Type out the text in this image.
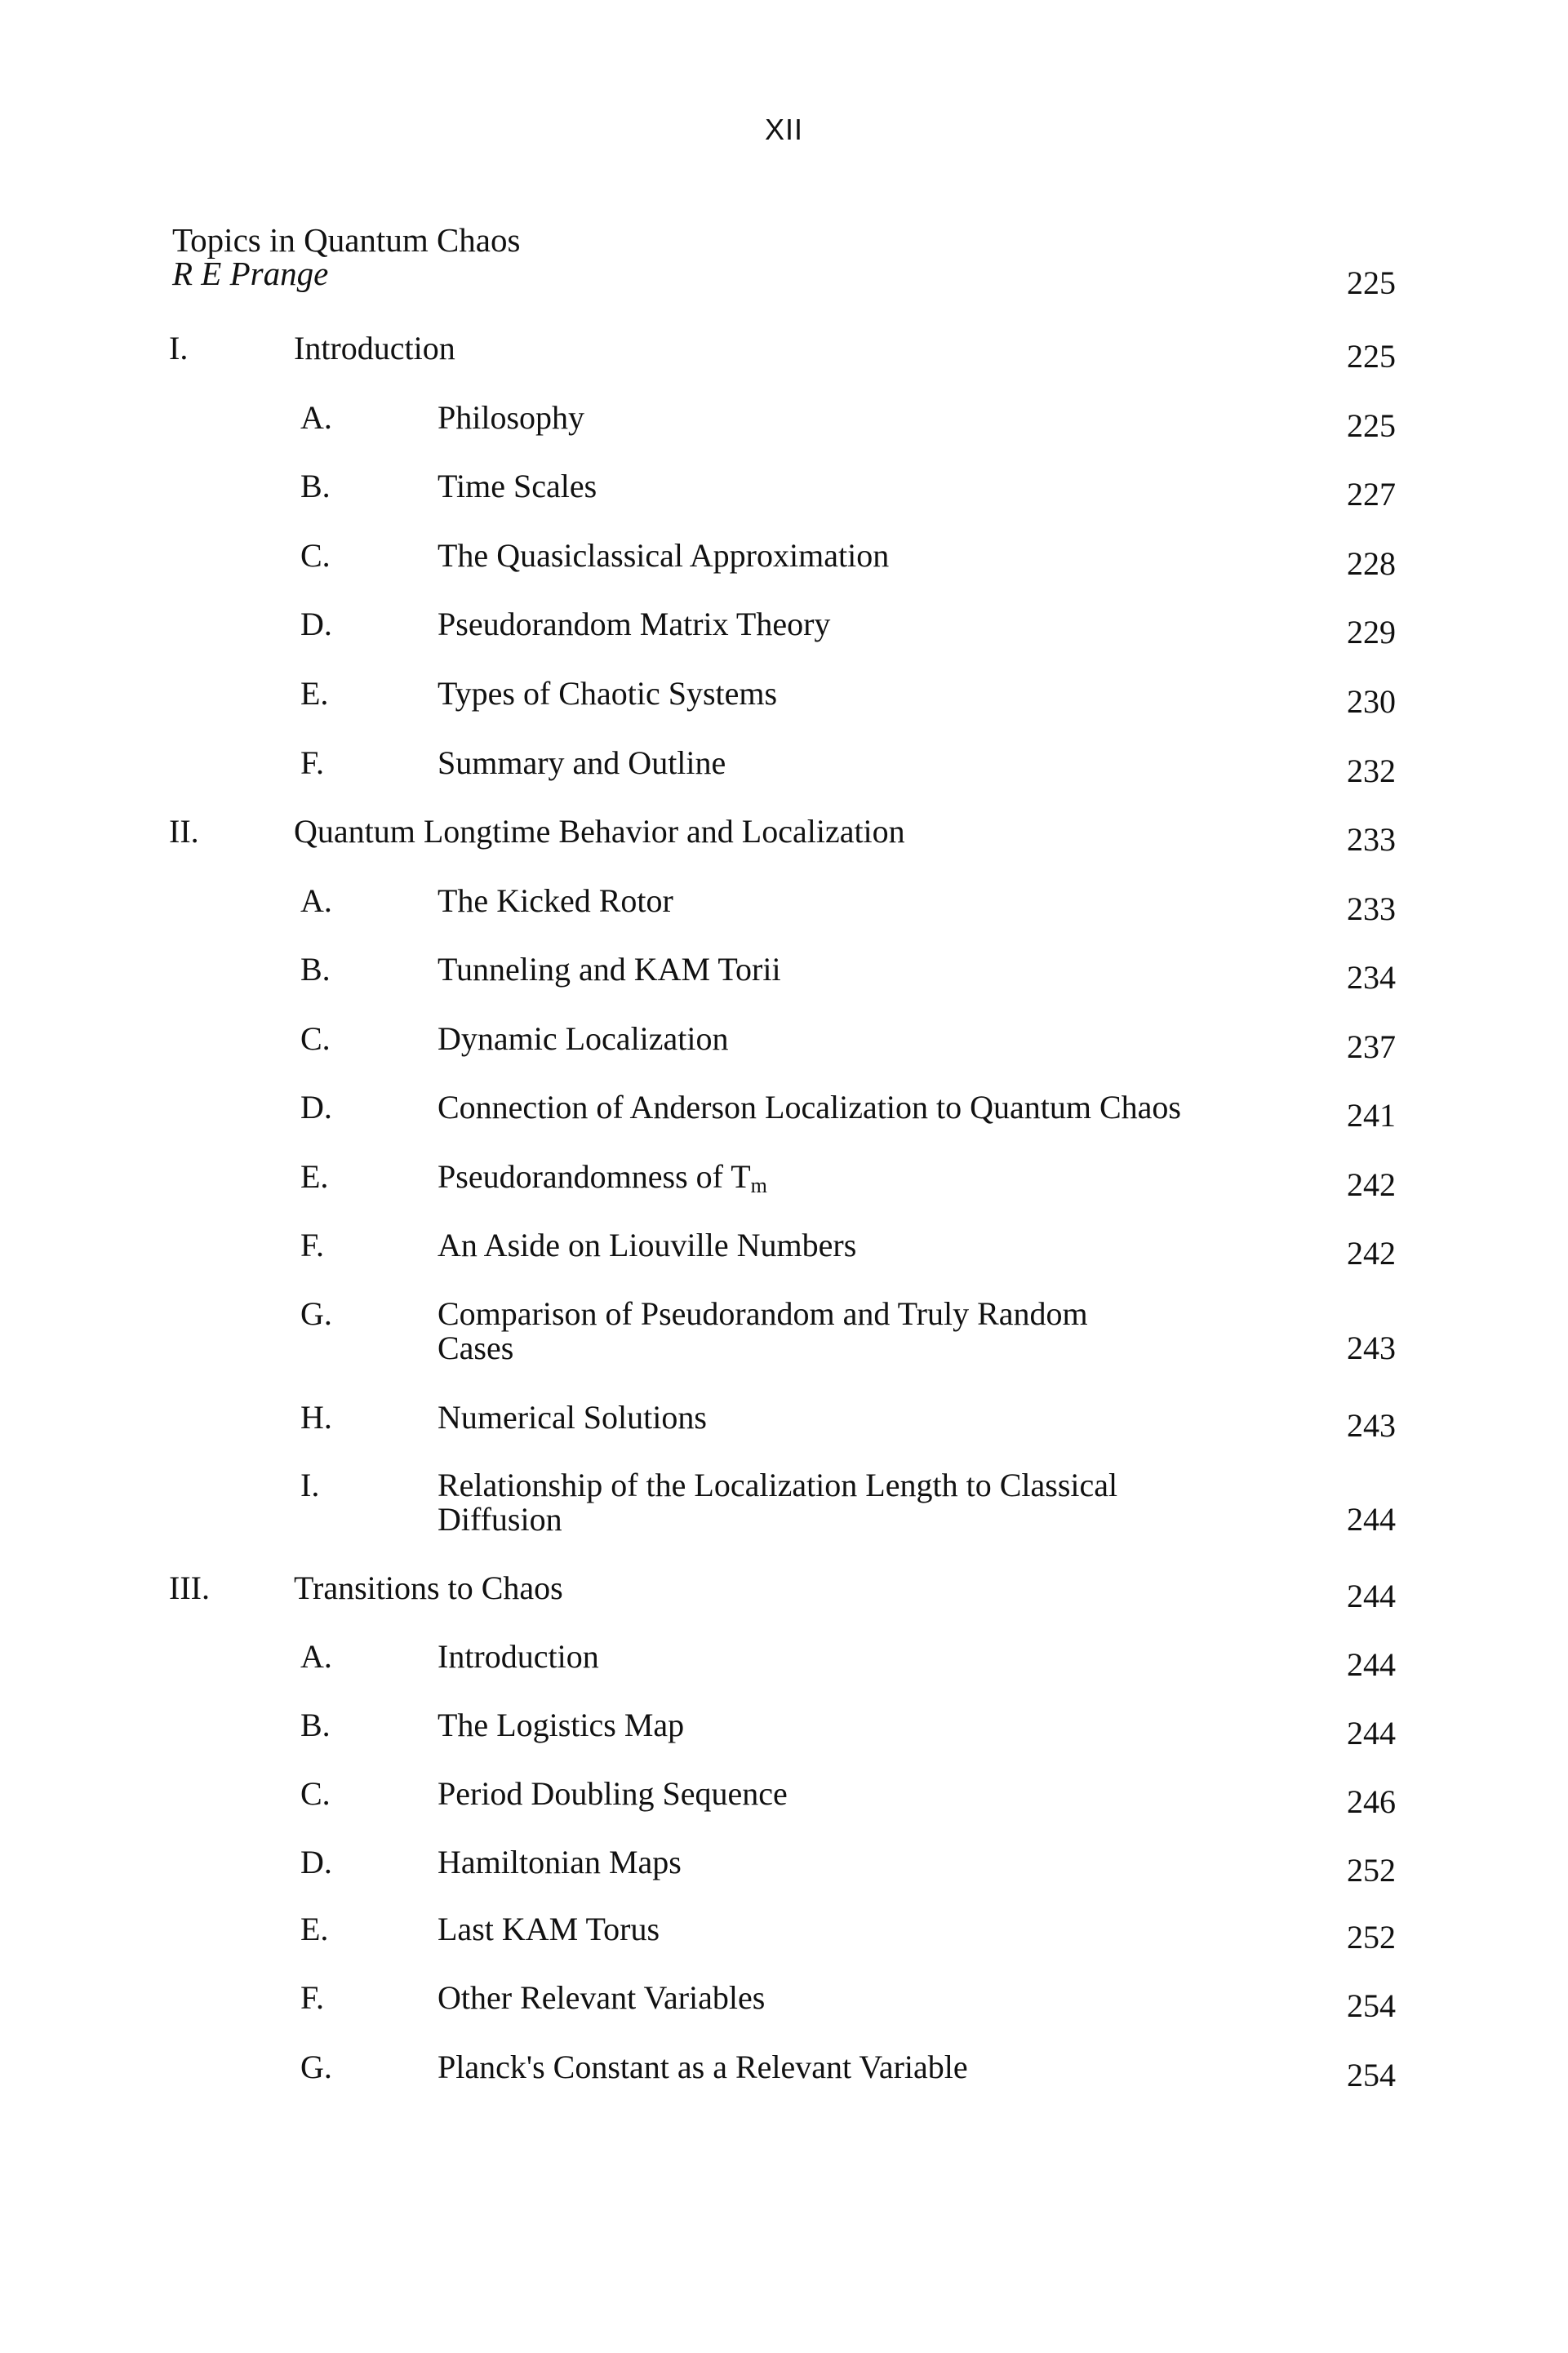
XII
Topics in Quantum Chaos
R E Prange	225
I.	Introduction	225
A.	Philosophy	225
B.	Time Scales	227
C.	The Quasiclassical Approximation	228
D.	Pseudorandom Matrix Theory	229
E.	Types of Chaotic Systems	230
F.	Summary and Outline	232
II.	Quantum Longtime Behavior and Localization	233
A.	The Kicked Rotor	233
B.	Tunneling and KAM Torii	234
C.	Dynamic Localization	237
D.	Connection of Anderson Localization to Quantum Chaos	241
E.	Pseudorandomness of $T_m$	242
F.	An Aside on Liouville Numbers	242
G.	Comparison of Pseudorandom and Truly Random
Cases	243
H.	Numerical Solutions	243
I.	Relationship of the Localization Length to Classical
Diffusion	244
III.	Transitions to Chaos	244
A.	Introduction	244
B.	The Logistics Map	244
C.	Period Doubling Sequence	246
D.	Hamiltonian Maps	252
E.	Last KAM Torus	252
F.	Other Relevant Variables	254
G.	Planck's Constant as a Relevant Variable	254
